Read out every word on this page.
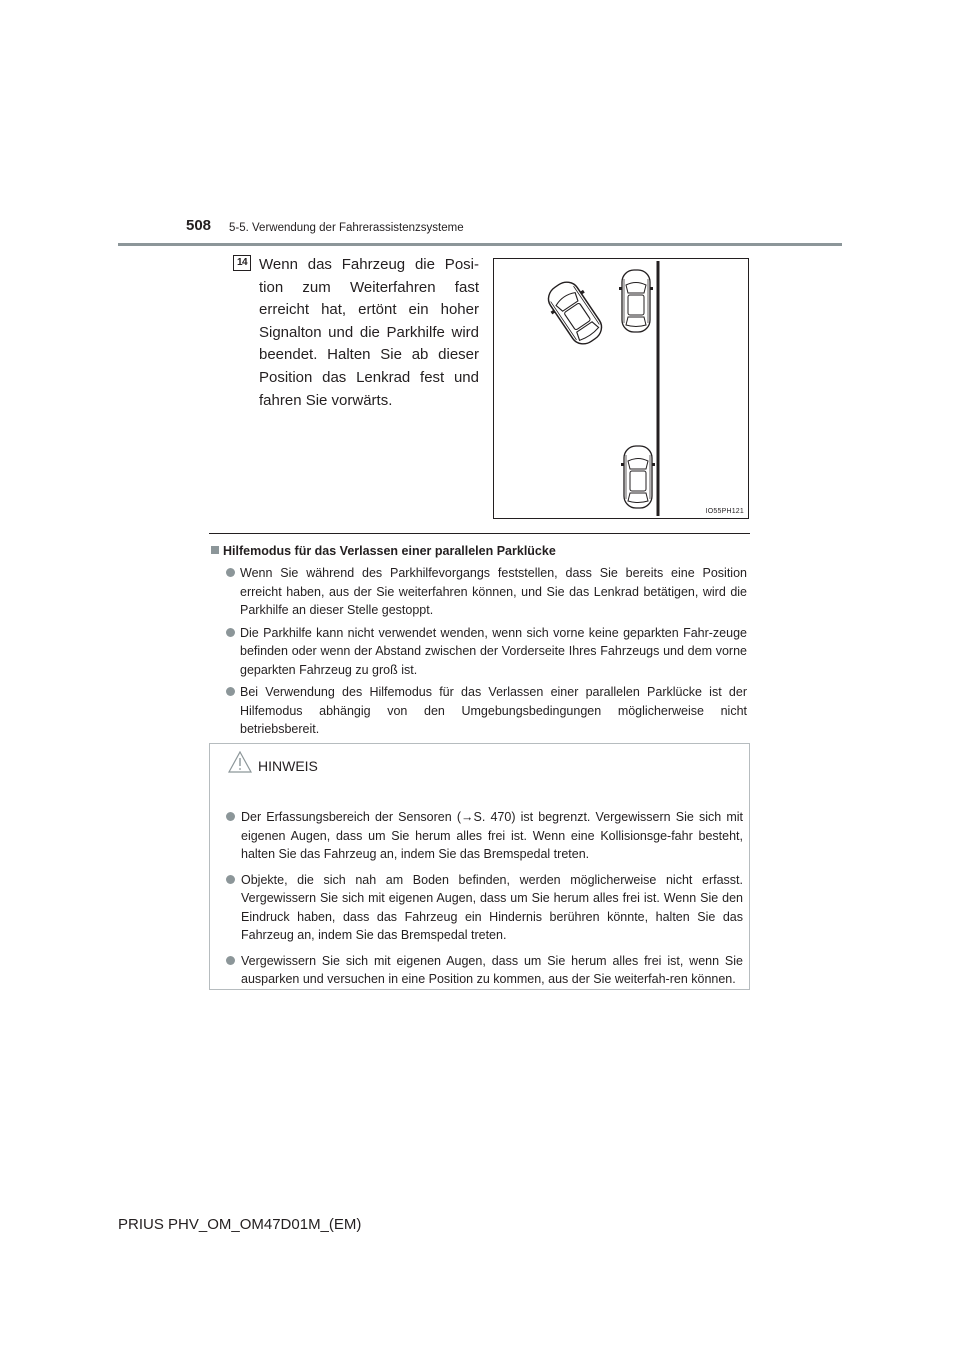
508 5-5. Verwendung der Fahrerassistenzsysteme
14 Wenn das Fahrzeug die Posi-tion zum Weiterfahren fast erreicht hat, ertönt ein hoher Signalton und die Parkhilfe wird beendet. Halten Sie ab dieser Position das Lenkrad fest und fahren Sie vorwärts.
IO55PH121
Hilfemodus für das Verlassen einer parallelen Parklücke
Wenn Sie während des Parkhilfevorgangs feststellen, dass Sie bereits eine Position erreicht haben, aus der Sie weiterfahren können, und Sie das Lenkrad betätigen, wird die Parkhilfe an dieser Stelle gestoppt.
Die Parkhilfe kann nicht verwendet wenden, wenn sich vorne keine geparkten Fahr-zeuge befinden oder wenn der Abstand zwischen der Vorderseite Ihres Fahrzeugs und dem vorne geparkten Fahrzeug zu groß ist.
Bei Verwendung des Hilfemodus für das Verlassen einer parallelen Parklücke ist der Hilfemodus abhängig von den Umgebungsbedingungen möglicherweise nicht betriebsbereit.
HINWEIS
Der Erfassungsbereich der Sensoren (→S. 470) ist begrenzt. Vergewissern Sie sich mit eigenen Augen, dass um Sie herum alles frei ist. Wenn eine Kollisionsge-fahr besteht, halten Sie das Fahrzeug an, indem Sie das Bremspedal treten.
Objekte, die sich nah am Boden befinden, werden möglicherweise nicht erfasst. Vergewissern Sie sich mit eigenen Augen, dass um Sie herum alles frei ist. Wenn Sie den Eindruck haben, dass das Fahrzeug ein Hindernis berühren könnte, halten Sie das Fahrzeug an, indem Sie das Bremspedal treten.
Vergewissern Sie sich mit eigenen Augen, dass um Sie herum alles frei ist, wenn Sie ausparken und versuchen in eine Position zu kommen, aus der Sie weiterfah-ren können.
PRIUS PHV_OM_OM47D01M_(EM)
